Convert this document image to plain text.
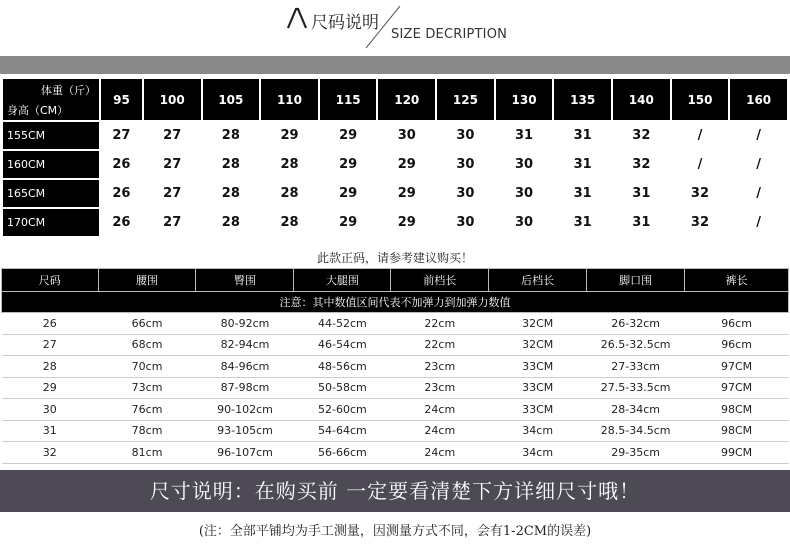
尺码说明
SIZE DECRIPTION
体重（斤）
身高（CM）	95	100	105	110	115	120	125	130	135	140	150	160
155CM	27	27	28	29	29	30	30	31	31	32	/	/
160CM	26	27	28	28	29	29	30	30	31	32	/	/
165CM	26	27	28	28	29	29	30	30	31	31	32	/
170CM	26	27	28	28	29	29	30	30	31	31	32	/
此款正码，请参考建议购买！
尺码	腰围	臀围	大腿围	前档长	后档长	脚口围	裤长
注意：其中数值区间代表不加弹力到加弹力数值							
26	66cm	80-92cm	44-52cm	22cm	32CM	26-32cm	96cm
27	68cm	82-94cm	46-54cm	22cm	32CM	26.5-32.5cm	96cm
28	70cm	84-96cm	48-56cm	23cm	33CM	27-33cm	97CM
29	73cm	87-98cm	50-58cm	23cm	33CM	27.5-33.5cm	97CM
30	76cm	90-102cm	52-60cm	24cm	33CM	28-34cm	98CM
31	78cm	93-105cm	54-64cm	24cm	34cm	28.5-34.5cm	98CM
32	81cm	96-107cm	56-66cm	24cm	34cm	29-35cm	99CM
尺寸说明：在购买前 一定要看清楚下方详细尺寸哦！
(注：全部平铺均为手工测量，因测量方式不同，会有1-2CM的误差)
